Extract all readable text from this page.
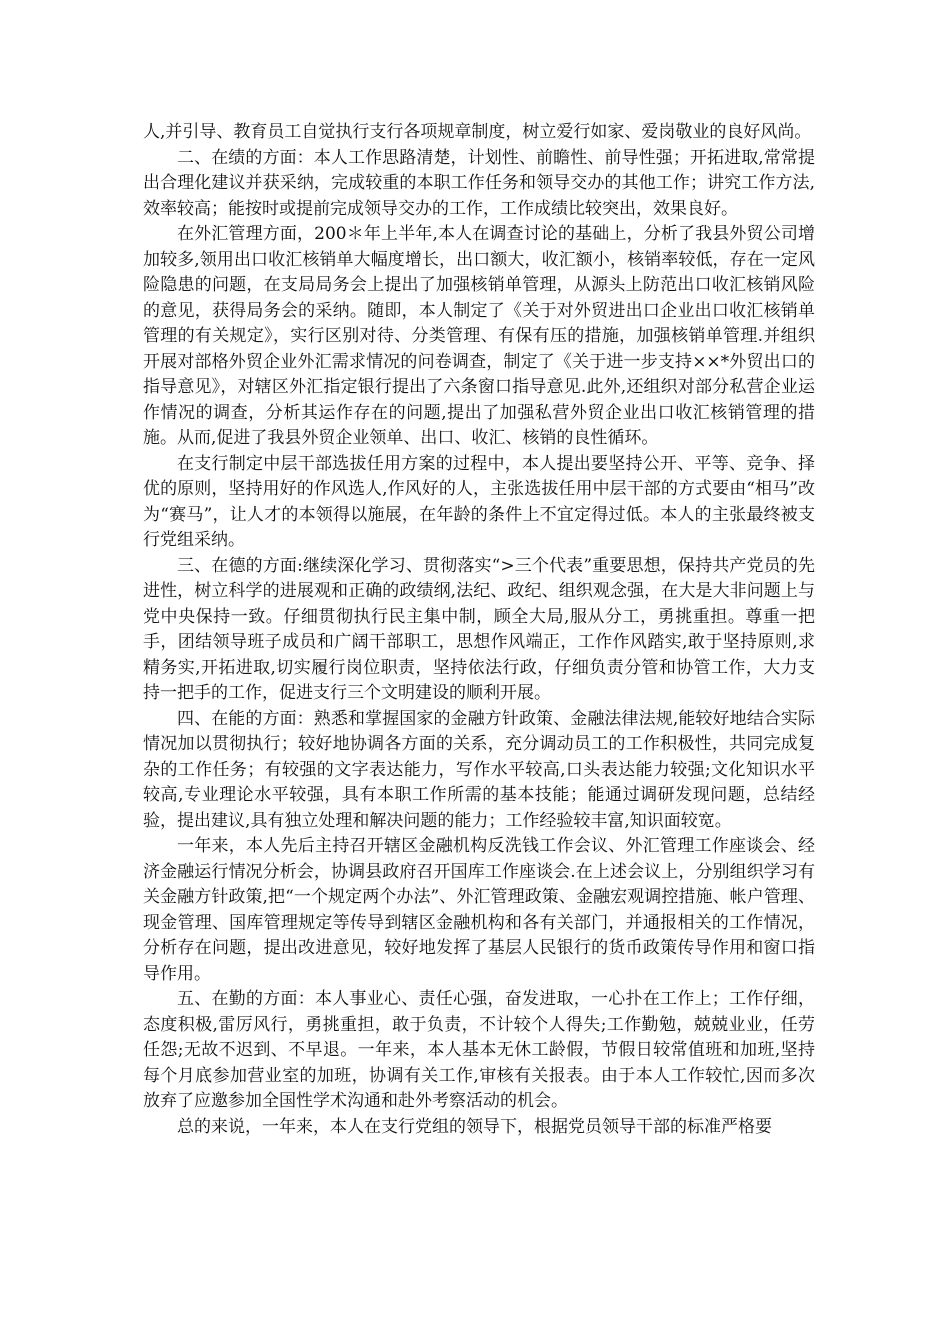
人,并引导、教育员工自觉执行支行各项规章制度，树立爱行如家、爱岗敬业的良好风尚。

二、在绩的方面：本人工作思路清楚，计划性、前瞻性、前导性强；开拓进取,常常提出合理化建议并获采纳，完成较重的本职工作任务和领导交办的其他工作；讲究工作方法,效率较高；能按时或提前完成领导交办的工作，工作成绩比较突出，效果良好。

在外汇管理方面，200＊年上半年,本人在调查讨论的基础上，分析了我县外贸公司增加较多,领用出口收汇核销单大幅度增长，出口额大，收汇额小，核销率较低，存在一定风险隐患的问题，在支局局务会上提出了加强核销单管理，从源头上防范出口收汇核销风险的意见，获得局务会的采纳。随即，本人制定了《关于对外贸进出口企业出口收汇核销单管理的有关规定》，实行区别对待、分类管理、有保有压的措施，加强核销单管理.并组织开展对部格外贸企业外汇需求情况的问卷调查，制定了《关于进一步支持××*外贸出口的指导意见》，对辖区外汇指定银行提出了六条窗口指导意见.此外,还组织对部分私营企业运作情况的调查，分析其运作存在的问题,提出了加强私营外贸企业出口收汇核销管理的措施。从而,促进了我县外贸企业领单、出口、收汇、核销的良性循环。

在支行制定中层干部选拔任用方案的过程中，本人提出要坚持公开、平等、竞争、择优的原则，坚持用好的作风选人,作风好的人，主张选拔任用中层干部的方式要由“相马”改为“赛马”，让人才的本领得以施展，在年龄的条件上不宜定得过低。本人的主张最终被支行党组采纳。

三、在德的方面:继续深化学习、贯彻落实“>三个代表”重要思想，保持共产党员的先进性，树立科学的进展观和正确的政绩纲,法纪、政纪、组织观念强，在大是大非问题上与党中央保持一致。仔细贯彻执行民主集中制，顾全大局,服从分工，勇挑重担。尊重一把手，团结领导班子成员和广阔干部职工，思想作风端正，工作作风踏实,敢于坚持原则,求精务实,开拓进取,切实履行岗位职责，坚持依法行政，仔细负责分管和协管工作，大力支持一把手的工作，促进支行三个文明建设的顺利开展。

四、在能的方面：熟悉和掌握国家的金融方针政策、金融法律法规,能较好地结合实际情况加以贯彻执行；较好地协调各方面的关系，充分调动员工的工作积极性，共同完成复杂的工作任务；有较强的文字表达能力，写作水平较高,口头表达能力较强;文化知识水平较高,专业理论水平较强，具有本职工作所需的基本技能；能通过调研发现问题，总结经验，提出建议,具有独立处理和解决问题的能力；工作经验较丰富,知识面较宽。

一年来，本人先后主持召开辖区金融机构反洗钱工作会议、外汇管理工作座谈会、经济金融运行情况分析会，协调县政府召开国库工作座谈会.在上述会议上，分别组织学习有关金融方针政策,把“一个规定两个办法”、外汇管理政策、金融宏观调控措施、帐户管理、现金管理、国库管理规定等传导到辖区金融机构和各有关部门，并通报相关的工作情况，分析存在问题，提出改进意见，较好地发挥了基层人民银行的货币政策传导作用和窗口指导作用。

五、在勤的方面：本人事业心、责任心强，奋发进取，一心扑在工作上；工作仔细，态度积极,雷厉风行，勇挑重担，敢于负责，不计较个人得失;工作勤勉，兢兢业业，任劳任怨;无故不迟到、不早退。一年来，本人基本无休工龄假，节假日较常值班和加班,坚持每个月底参加营业室的加班，协调有关工作,审核有关报表。由于本人工作较忙,因而多次放弃了应邀参加全国性学术沟通和赴外考察活动的机会。

总的来说，一年来，本人在支行党组的领导下，根据党员领导干部的标准严格要
